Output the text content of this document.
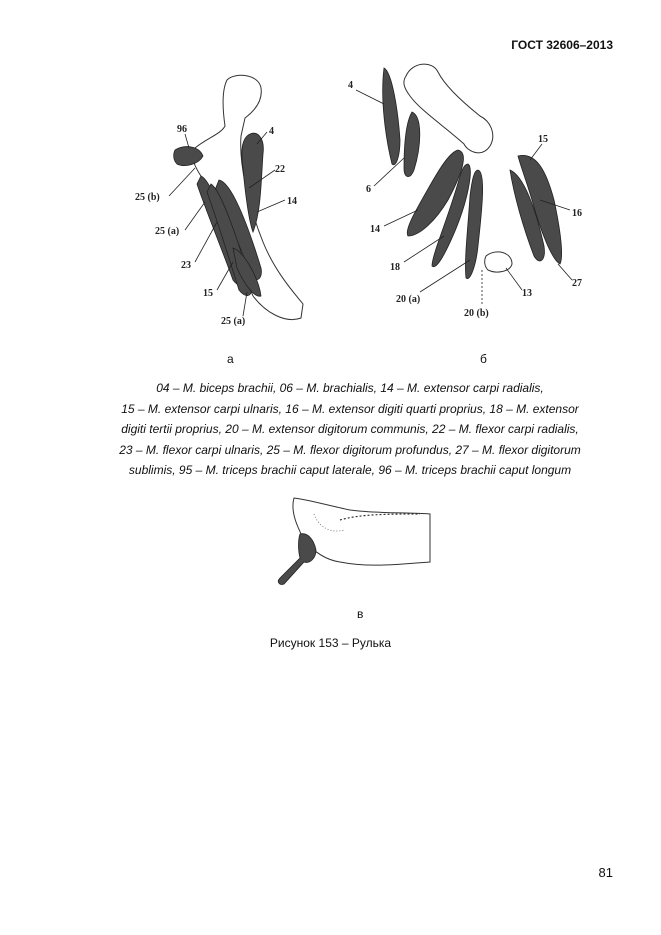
ГОСТ 32606–2013
96	4
25 (b)
22
14
25 (a)
23
15
25 (a)
а
4
6
15
16
14
18
13
27
20 (a)
20 (b)
б
в
04 – M. biceps brachii, 06 – M. brachialis, 14 – M. extensor carpi radialis,
15 – M. extensor carpi ulnaris, 16 – M. extensor digiti quarti proprius, 18 – M. extensor
digiti tertii proprius, 20 – M. extensor digitorum communis, 22 – M. flexor carpi radialis,
23 – M. flexor carpi ulnaris, 25 – M. flexor digitorum profundus, 27 – M. flexor digitorum
sublimis, 95 – M. triceps brachii caput laterale, 96 – M. triceps brachii caput longum
Рисунок 153 – Рулька
81
